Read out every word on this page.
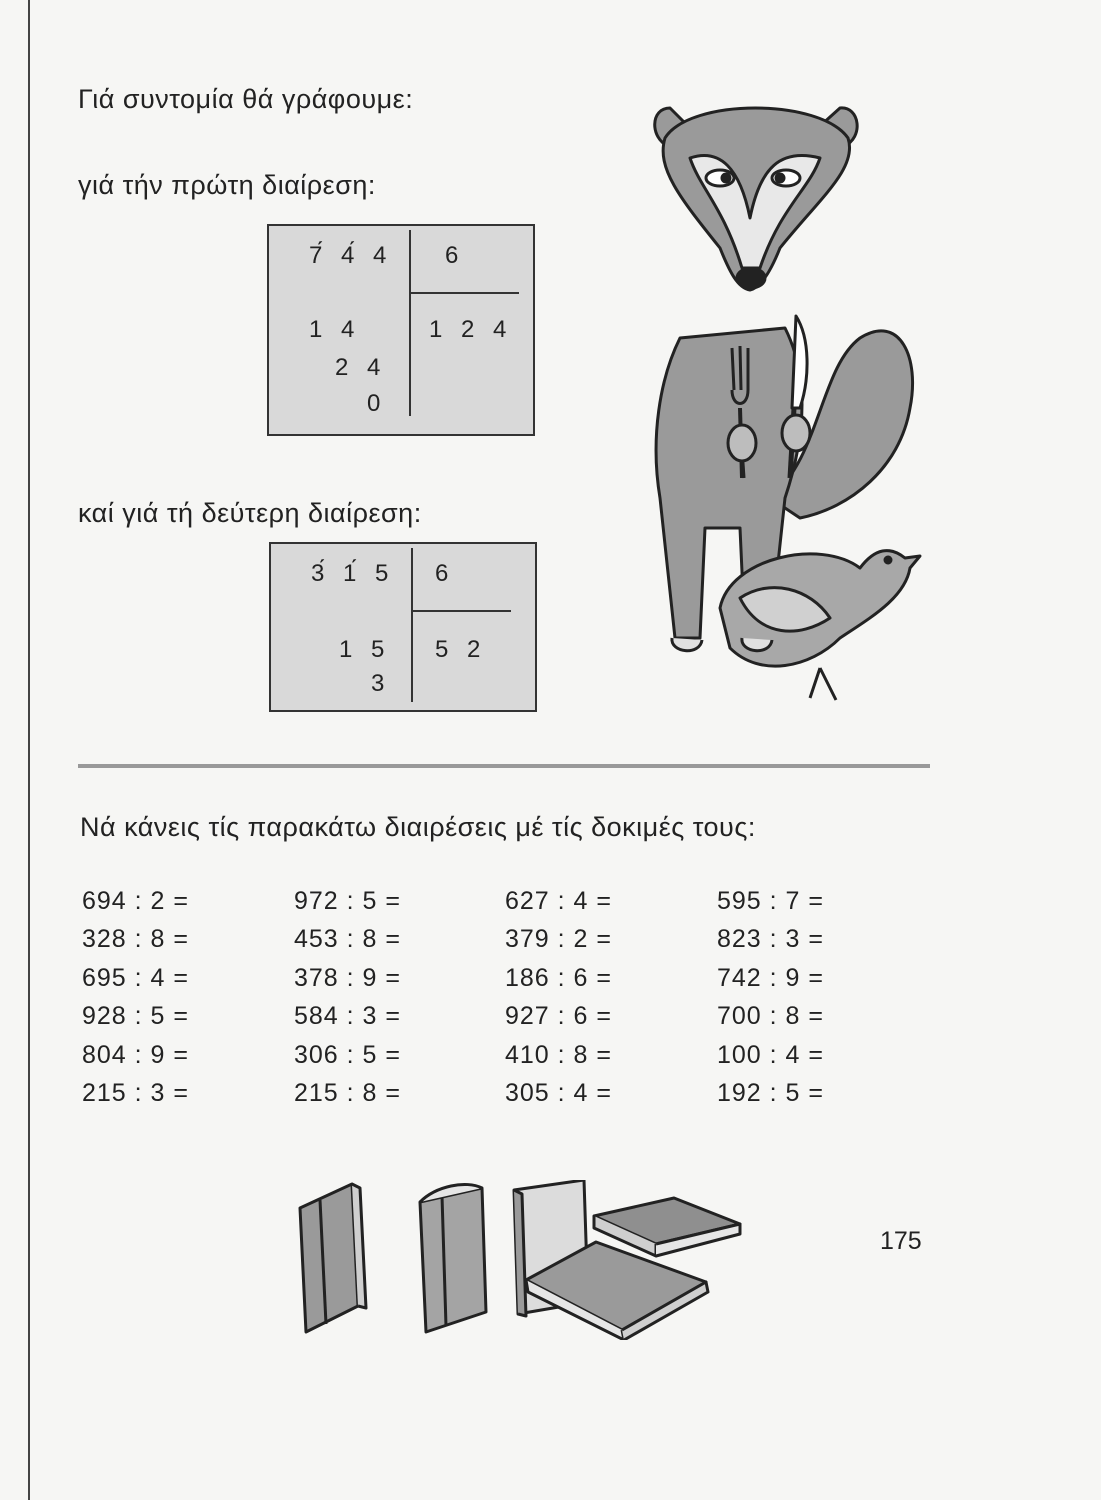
Γιά συντομία θά γράφουμε:
γιά τήν πρώτη διαίρεση:
7́ 4́ 4 6
1 2 4
1 4
2 4
0
καί γιά τή δεύτερη διαίρεση:
3́ 1́ 5 6
5 2
1 5
3
Νά κάνεις τίς παρακάτω διαιρέσεις μέ τίς δοκιμές τους:
694 : 2 =
328 : 8 =
695 : 4 =
928 : 5 =
804 : 9 =
215 : 3 =
972 : 5 =
453 : 8 =
378 : 9 =
584 : 3 =
306 : 5 =
215 : 8 =
627 : 4 =
379 : 2 =
186 : 6 =
927 : 6 =
410 : 8 =
305 : 4 =
595 : 7 =
823 : 3 =
742 : 9 =
700 : 8 =
100 : 4 =
192 : 5 =
175
